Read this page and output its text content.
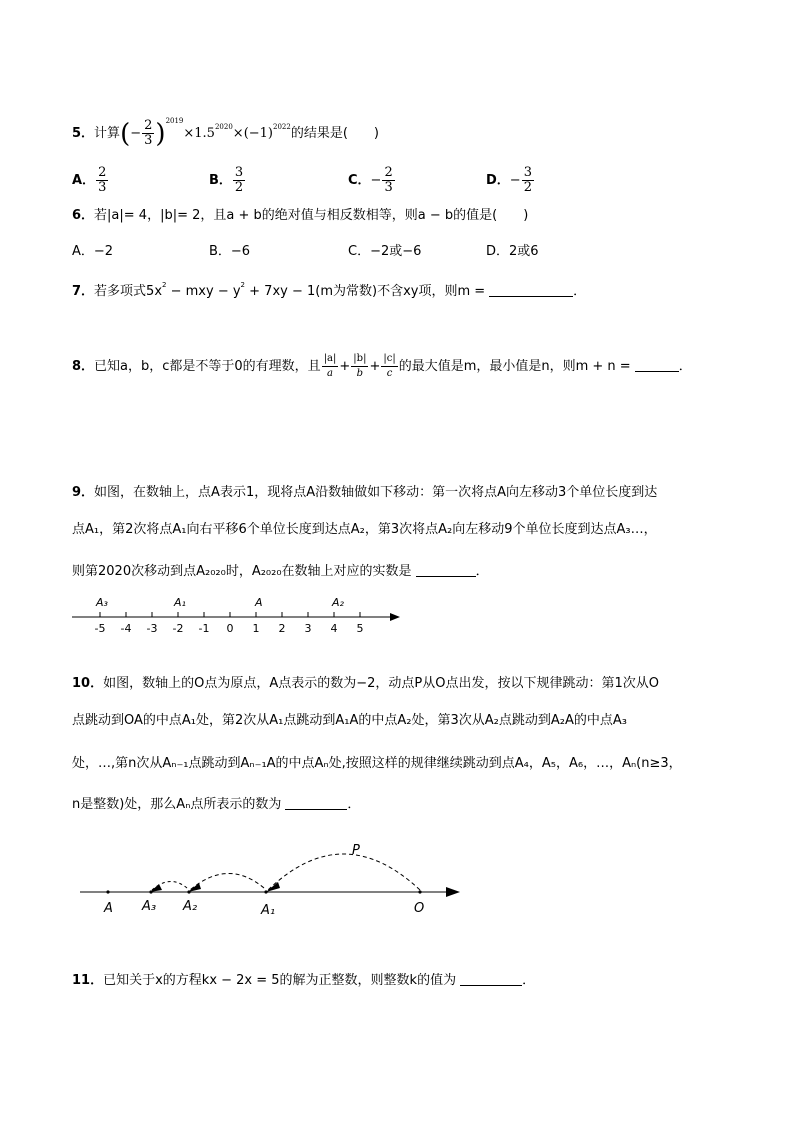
5．计算(− $\frac{2}{3} )^{2019}\times 1.5^{2020}\times(-1)^{2022}$的结果是(　　)
A． $\frac{2}{3}$	B． $\frac{3}{2}$	C．− $\frac{2}{3}$	D．− $\frac{3}{2}$
6．若|a|= 4，|b|= 2，且a + b的绝对值与相反数相等，则a − b的值是(　　)
A．−2	B．−6	C．−2或−6	D．2或6
7．若多项式$5x^2$ − mxy − $y^2 + 7xy - 1(m$为常数)不含xy项，则m =	．
8．已知a，b，c都是不等于0的有理数，且 $\frac{|a|}{a} + \frac{|b|}{b} + \frac{|c|}{c}$ 的最大值是m，最小值是n，则m + n =	．
9．如图，在数轴上，点A表示1，现将点A沿数轴做如下移动：第一次将点A向左移动3个单位长度到达
点A₁，第2次将点A₁向右平移6个单位长度到达点A₂，第3次将点A₂向左移动9个单位长度到达点A₃…，
则第2020次移动到点A₂₀₂₀时，A₂₀₂₀在数轴上对应的实数是	．
-5 -4 -3 -2 -1 0 1 2 3 4 5
A₃	A₁	A	A₂
10．如图，数轴上的O点为原点，A点表示的数为−2，动点P从O点出发，按以下规律跳动：第1次从O
点跳动到OA的中点A₁处，第2次从A₁点跳动到A₁A的中点A₂处，第3次从A₂点跳动到A₂A的中点A₃
处，…,第n次从Aₙ₋₁点跳动到Aₙ₋₁A的中点Aₙ处,按照这样的规律继续跳动到点A₄，A₅，A₆，…，Aₙ(n≥3，
n是整数)处，那么Aₙ点所表示的数为	．
P
A A₃ A₂	A₁	O
11．已知关于x的方程kx − 2x = 5的解为正整数，则整数k的值为	．
